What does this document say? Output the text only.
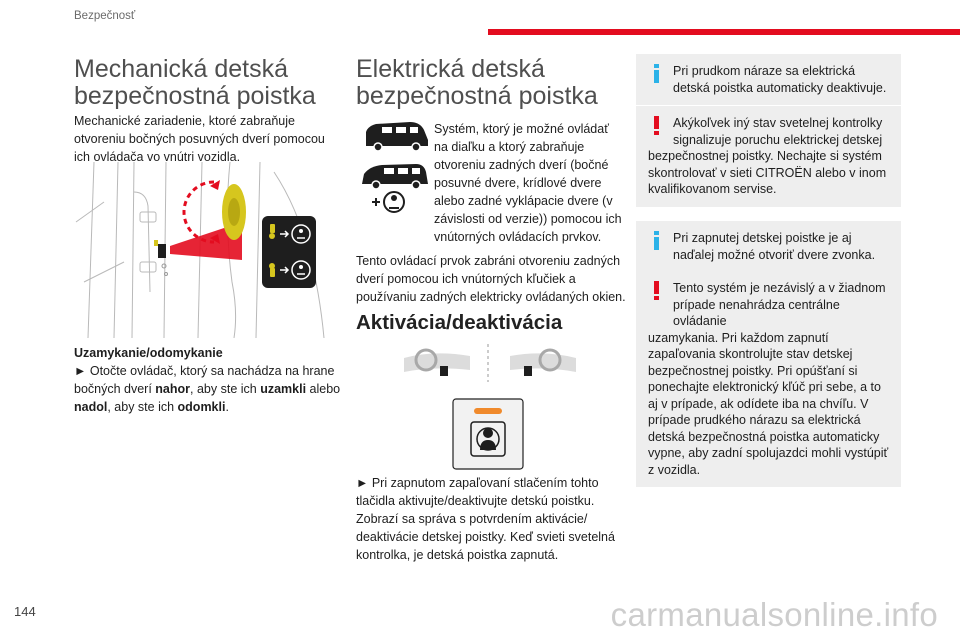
Bezpečnosť
Mechanická detská
bezpečnostná poistka
Mechanické zariadenie, ktoré zabraňuje otvoreniu bočných posuvných dverí pomocou ich ovládača vo vnútri vozidla.
Uzamykanie/odomykanie
► Otočte ovládač, ktorý sa nachádza na hrane bočných dverí nahor, aby ste ich uzamkli alebo nadol, aby ste ich odomkli.
Elektrická detská
bezpečnostná poistka
Systém, ktorý je možné ovládať na diaľku a ktorý zabraňuje otvoreniu zadných dverí (bočné posuvné dvere, krídlové dvere alebo zadné vyklápacie dvere (v závislosti od verzie)) pomocou ich vnútorných ovládacích prvkov.
Tento ovládací prvok zabráni otvoreniu zadných dverí pomocou ich vnútorných kľučiek a používaniu zadných elektricky ovládaných okien.
Aktivácia/deaktivácia
► Pri zapnutom zapaľovaní stlačením tohto tlačidla aktivujte/deaktivujte detskú poistku. Zobrazí sa správa s potvrdením aktivácie/ deaktivácie detskej poistky. Keď svieti svetelná kontrolka, je detská poistka zapnutá.
Pri prudkom náraze sa elektrická detská poistka automaticky deaktivuje.
Akýkoľvek iný stav svetelnej kontrolky signalizuje poruchu elektrickej detskej
bezpečnostnej poistky. Nechajte si systém skontrolovať v sieti CITROËN alebo v inom kvalifikovanom servise.
Pri zapnutej detskej poistke je aj naďalej možné otvoriť dvere zvonka.
Tento systém je nezávislý a v žiadnom prípade nenahrádza centrálne ovládanie
uzamykania. Pri každom zapnutí zapaľovania skontrolujte stav detskej bezpečnostnej poistky. Pri opúšťaní si ponechajte elektronický kľúč pri sebe, a to aj v prípade, ak odídete iba na chvíľu. V prípade prudkého nárazu sa elektrická detská bezpečnostná poistka automaticky vypne, aby zadní spolujazdci mohli vystúpiť z vozidla.
144	carmanualsonline.info
